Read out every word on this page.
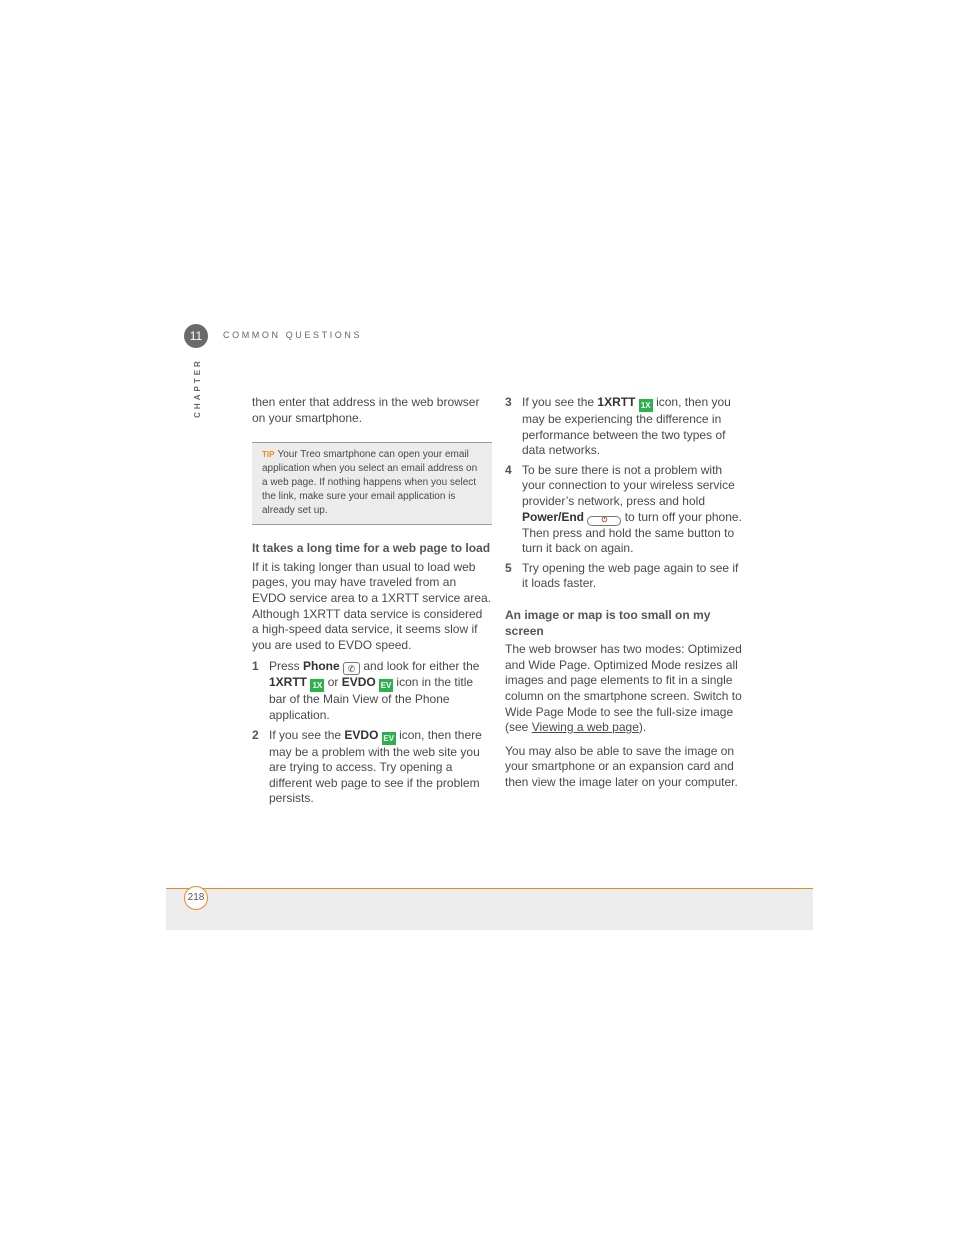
11	COMMON QUESTIONS
CHAPTER	then enter that address in the web browser on your smartphone.

TIP Your Treo smartphone can open your email application when you select an email address on a web page. If nothing happens when you select the link, make sure your email application is already set up.
It takes a long time for a web page to load

If it is taking longer than usual to load web pages, you may have traveled from an EVDO service area to a 1XRTT service area. Although 1XRTT data service is considered a high-speed data service, it seems slow if you are used to EVDO speed.

1 Press Phone ✆ and look for either the 1XRTT 1X or EVDO EV icon in the title bar of the Main View of the Phone application.
2 If you see the EVDO EV icon, then there may be a problem with the web site you are trying to access. Try opening a different web page to see if the problem persists.
3 If you see the 1XRTT 1X icon, then you may be experiencing the difference in performance between the two types of data networks.
4 To be sure there is not a problem with your connection to your wireless service provider’s network, press and hold Power/End	⏻ to turn off your phone. Then press and hold the same button to turn it back on again.
5 Try opening the web page again to see if it loads faster.
An image or map is too small on my screen

The web browser has two modes: Optimized and Wide Page. Optimized Mode resizes all images and page elements to fit in a single column on the smartphone screen. Switch to Wide Page Mode to see the full-size image (see Viewing a web page).

You may also be able to save the image on your smartphone or an expansion card and then view the image later on your computer.

218
